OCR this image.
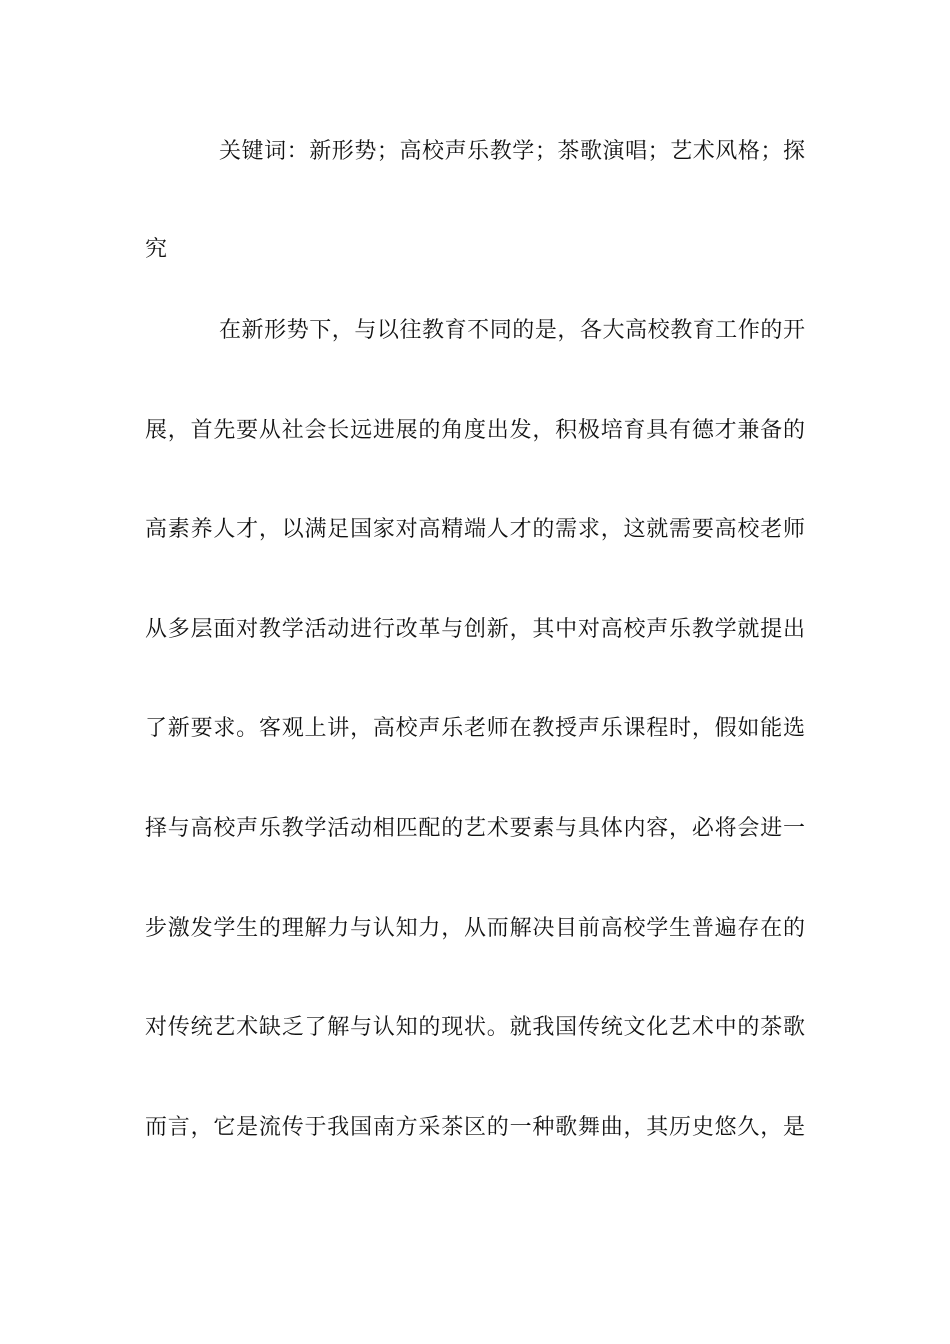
关键词：新形势；高校声乐教学；茶歌演唱；艺术风格；探
究
在新形势下，与以往教育不同的是，各大高校教育工作的开
展，首先要从社会长远进展的角度出发，积极培育具有德才兼备的
高素养人才，以满足国家对高精端人才的需求，这就需要高校老师
从多层面对教学活动进行改革与创新，其中对高校声乐教学就提出
了新要求。客观上讲，高校声乐老师在教授声乐课程时，假如能选
择与高校声乐教学活动相匹配的艺术要素与具体内容，必将会进一
步激发学生的理解力与认知力，从而解决目前高校学生普遍存在的
对传统艺术缺乏了解与认知的现状。就我国传统文化艺术中的茶歌
而言，它是流传于我国南方采茶区的一种歌舞曲，其历史悠久，是
